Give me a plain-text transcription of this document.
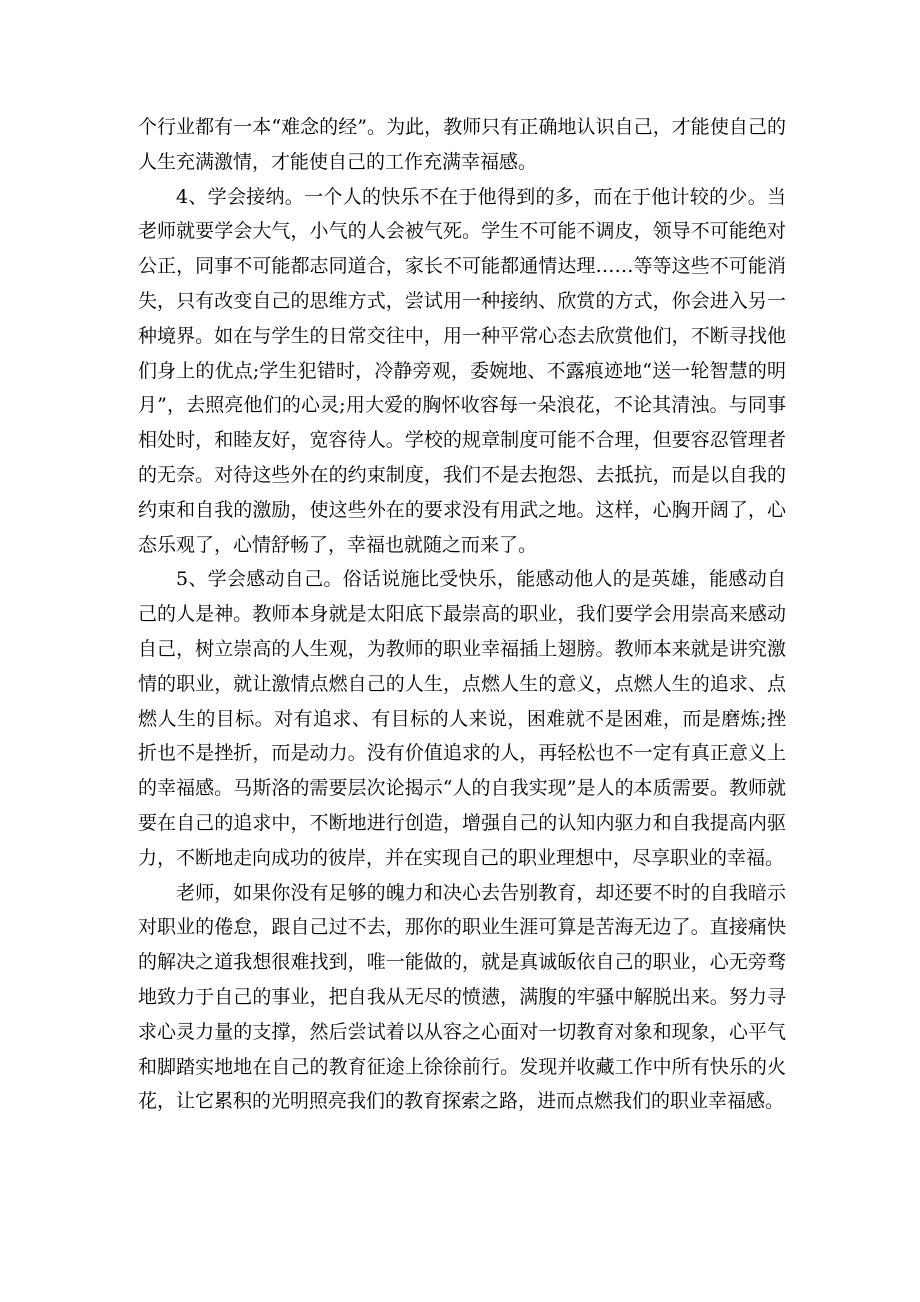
个行业都有一本“难念的经”。为此，教师只有正确地认识自己，才能使自己的人生充满激情，才能使自己的工作充满幸福感。

4、学会接纳。一个人的快乐不在于他得到的多，而在于他计较的少。当老师就要学会大气，小气的人会被气死。学生不可能不调皮，领导不可能绝对公正，同事不可能都志同道合，家长不可能都通情达理……等等这些不可能消失，只有改变自己的思维方式，尝试用一种接纳、欣赏的方式，你会进入另一种境界。如在与学生的日常交往中，用一种平常心态去欣赏他们，不断寻找他们身上的优点;学生犯错时，冷静旁观，委婉地、不露痕迹地“送一轮智慧的明月”，去照亮他们的心灵;用大爱的胸怀收容每一朵浪花，不论其清浊。与同事相处时，和睦友好，宽容待人。学校的规章制度可能不合理，但要容忍管理者的无奈。对待这些外在的约束制度，我们不是去抱怨、去抵抗，而是以自我的约束和自我的激励，使这些外在的要求没有用武之地。这样，心胸开阔了，心态乐观了，心情舒畅了，幸福也就随之而来了。

5、学会感动自己。俗话说施比受快乐，能感动他人的是英雄，能感动自己的人是神。教师本身就是太阳底下最崇高的职业，我们要学会用崇高来感动自己，树立崇高的人生观，为教师的职业幸福插上翅膀。教师本来就是讲究激情的职业，就让激情点燃自己的人生，点燃人生的意义，点燃人生的追求、点燃人生的目标。对有追求、有目标的人来说，困难就不是困难，而是磨炼;挫折也不是挫折，而是动力。没有价值追求的人，再轻松也不一定有真正意义上的幸福感。马斯洛的需要层次论揭示“人的自我实现”是人的本质需要。教师就要在自己的追求中，不断地进行创造，增强自己的认知内驱力和自我提高内驱力，不断地走向成功的彼岸，并在实现自己的职业理想中，尽享职业的幸福。

老师，如果你没有足够的魄力和决心去告别教育，却还要不时的自我暗示对职业的倦怠，跟自己过不去，那你的职业生涯可算是苦海无边了。直接痛快的解决之道我想很难找到，唯一能做的，就是真诚皈依自己的职业，心无旁骛地致力于自己的事业，把自我从无尽的愤懑，满腹的牢骚中解脱出来。努力寻求心灵力量的支撑，然后尝试着以从容之心面对一切教育对象和现象，心平气和脚踏实地地在自己的教育征途上徐徐前行。发现并收藏工作中所有快乐的火花，让它累积的光明照亮我们的教育探索之路，进而点燃我们的职业幸福感。
